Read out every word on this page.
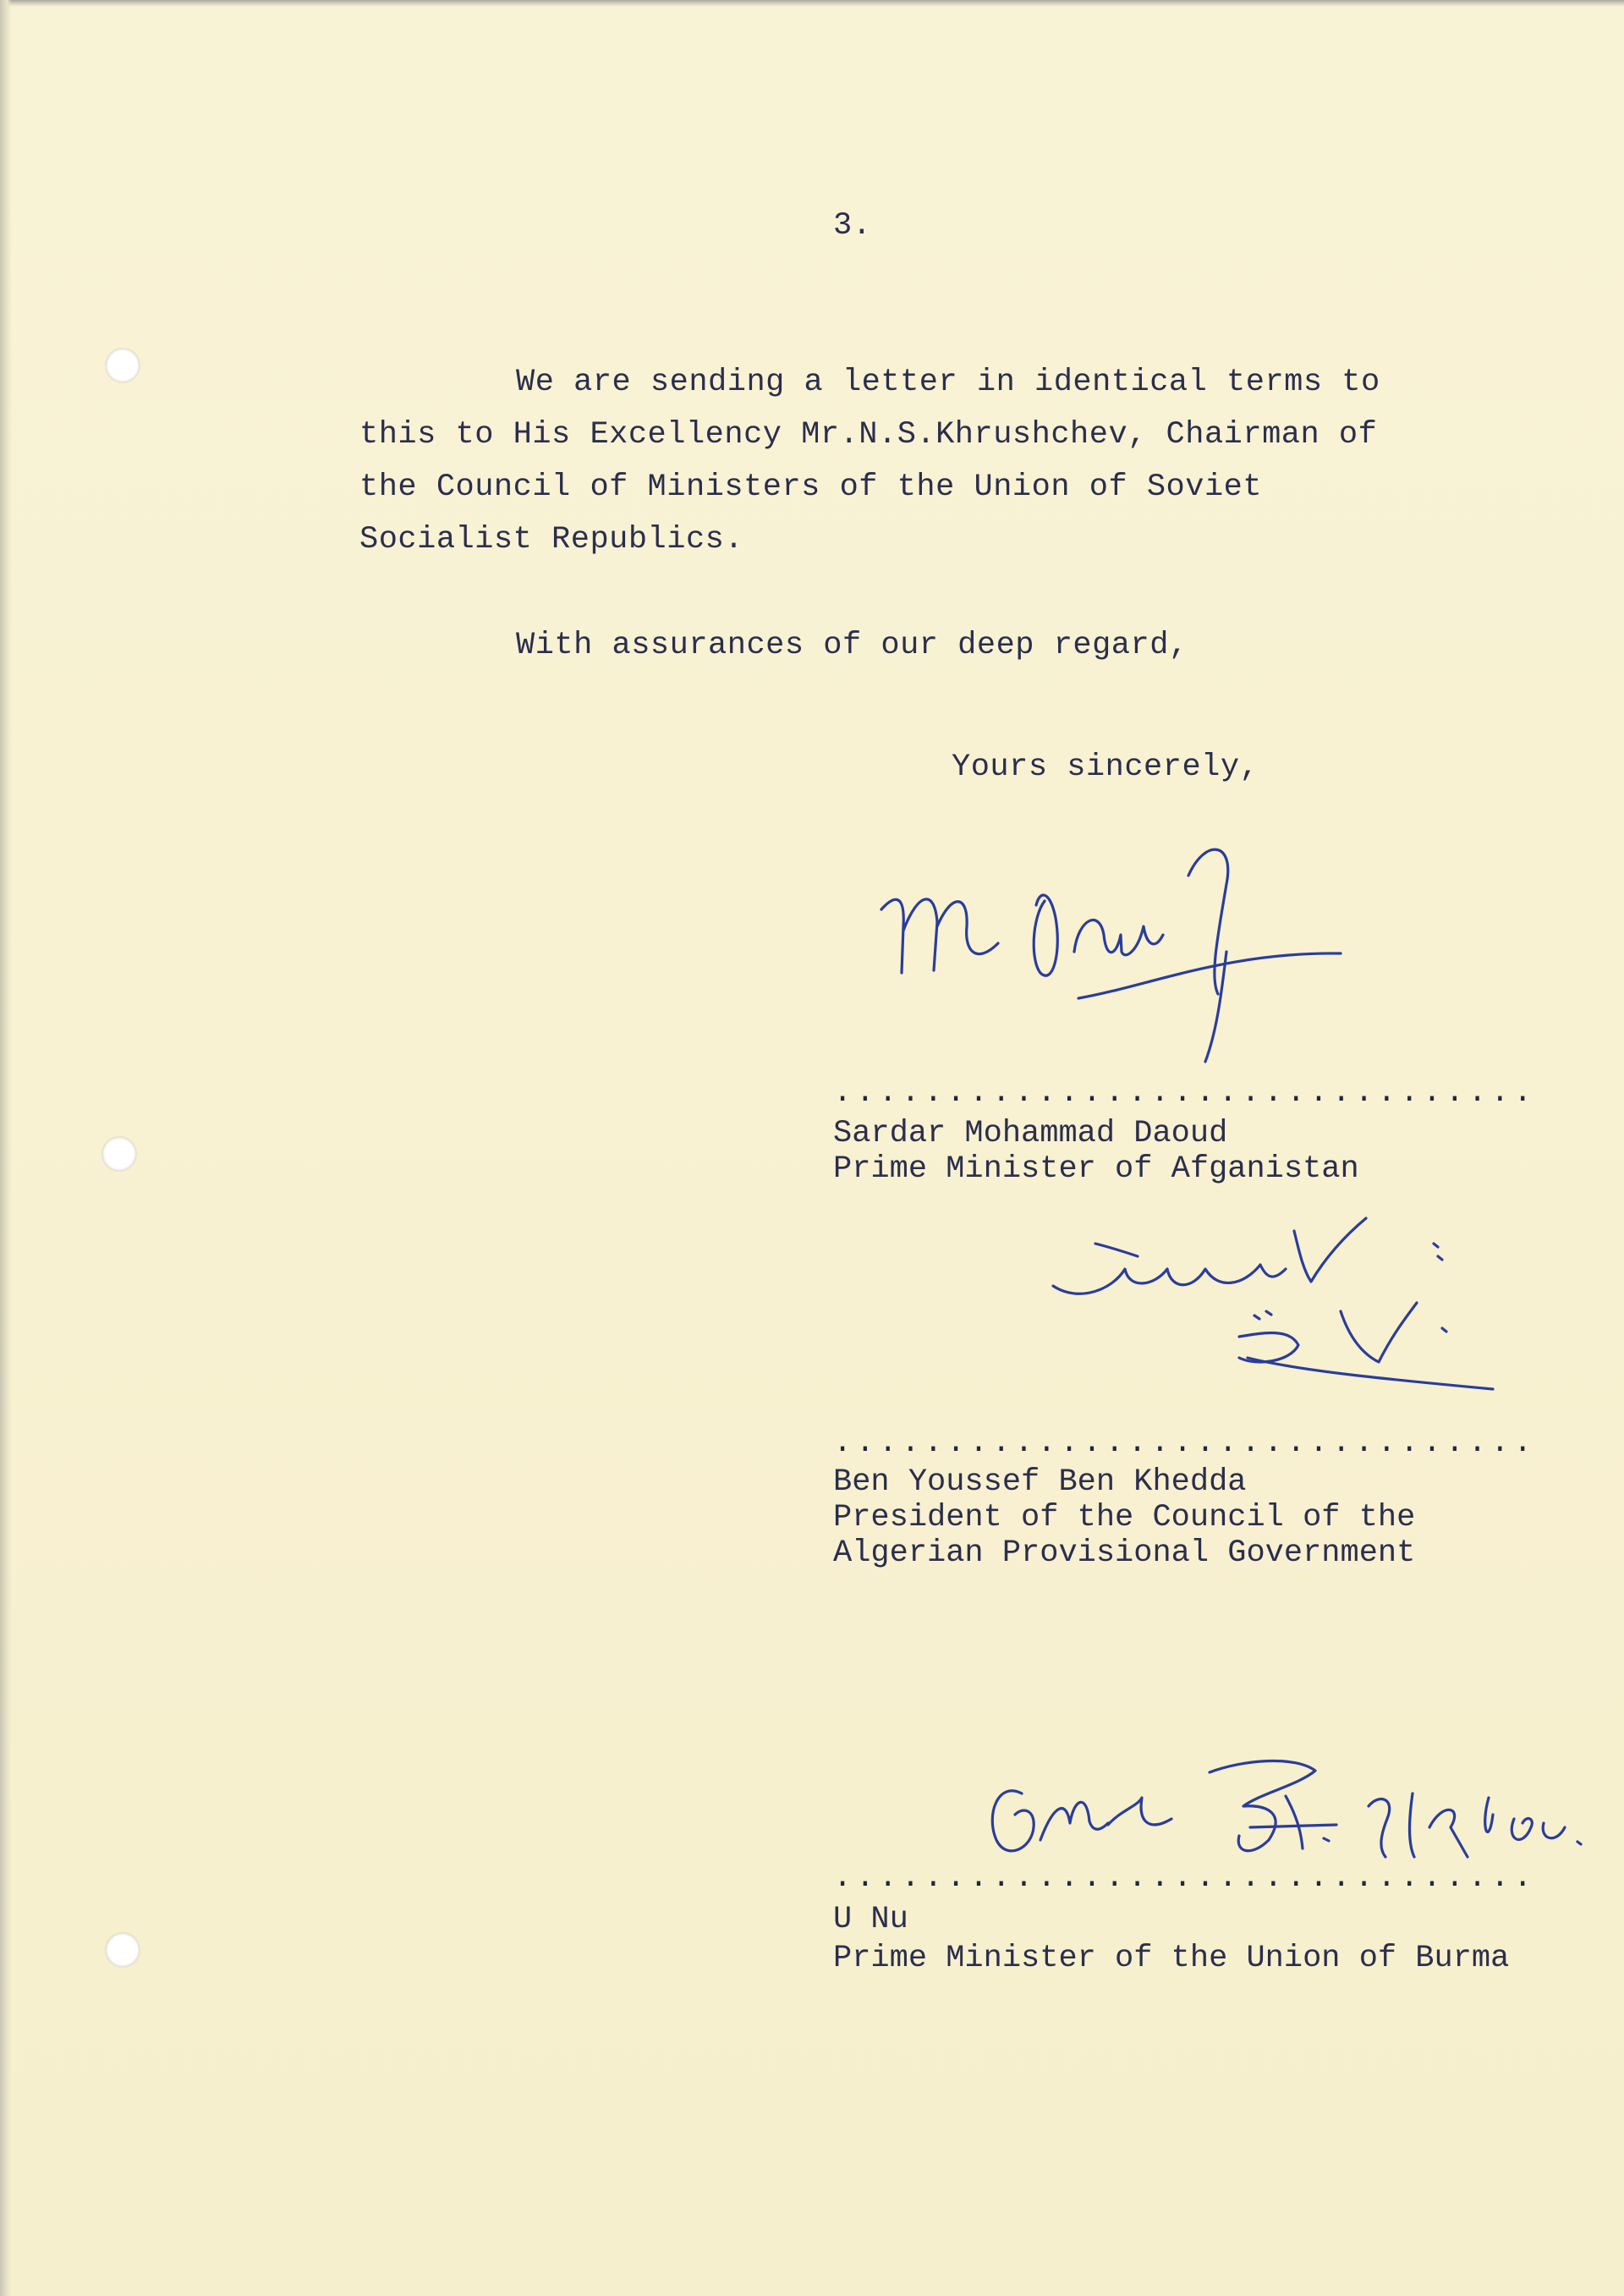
3.
We are sending a letter in identical terms to
this to His Excellency Mr.N.S.Khrushchev, Chairman of
the Council of Ministers of the Union of Soviet
Socialist Republics.
With assurances of our deep regard,
Yours sincerely,
...............................
Sardar Mohammad Daoud
Prime Minister of Afganistan
...............................
Ben Youssef Ben Khedda
President of the Council of the
Algerian Provisional Government
...............................
U Nu
Prime Minister of the Union of Burma
